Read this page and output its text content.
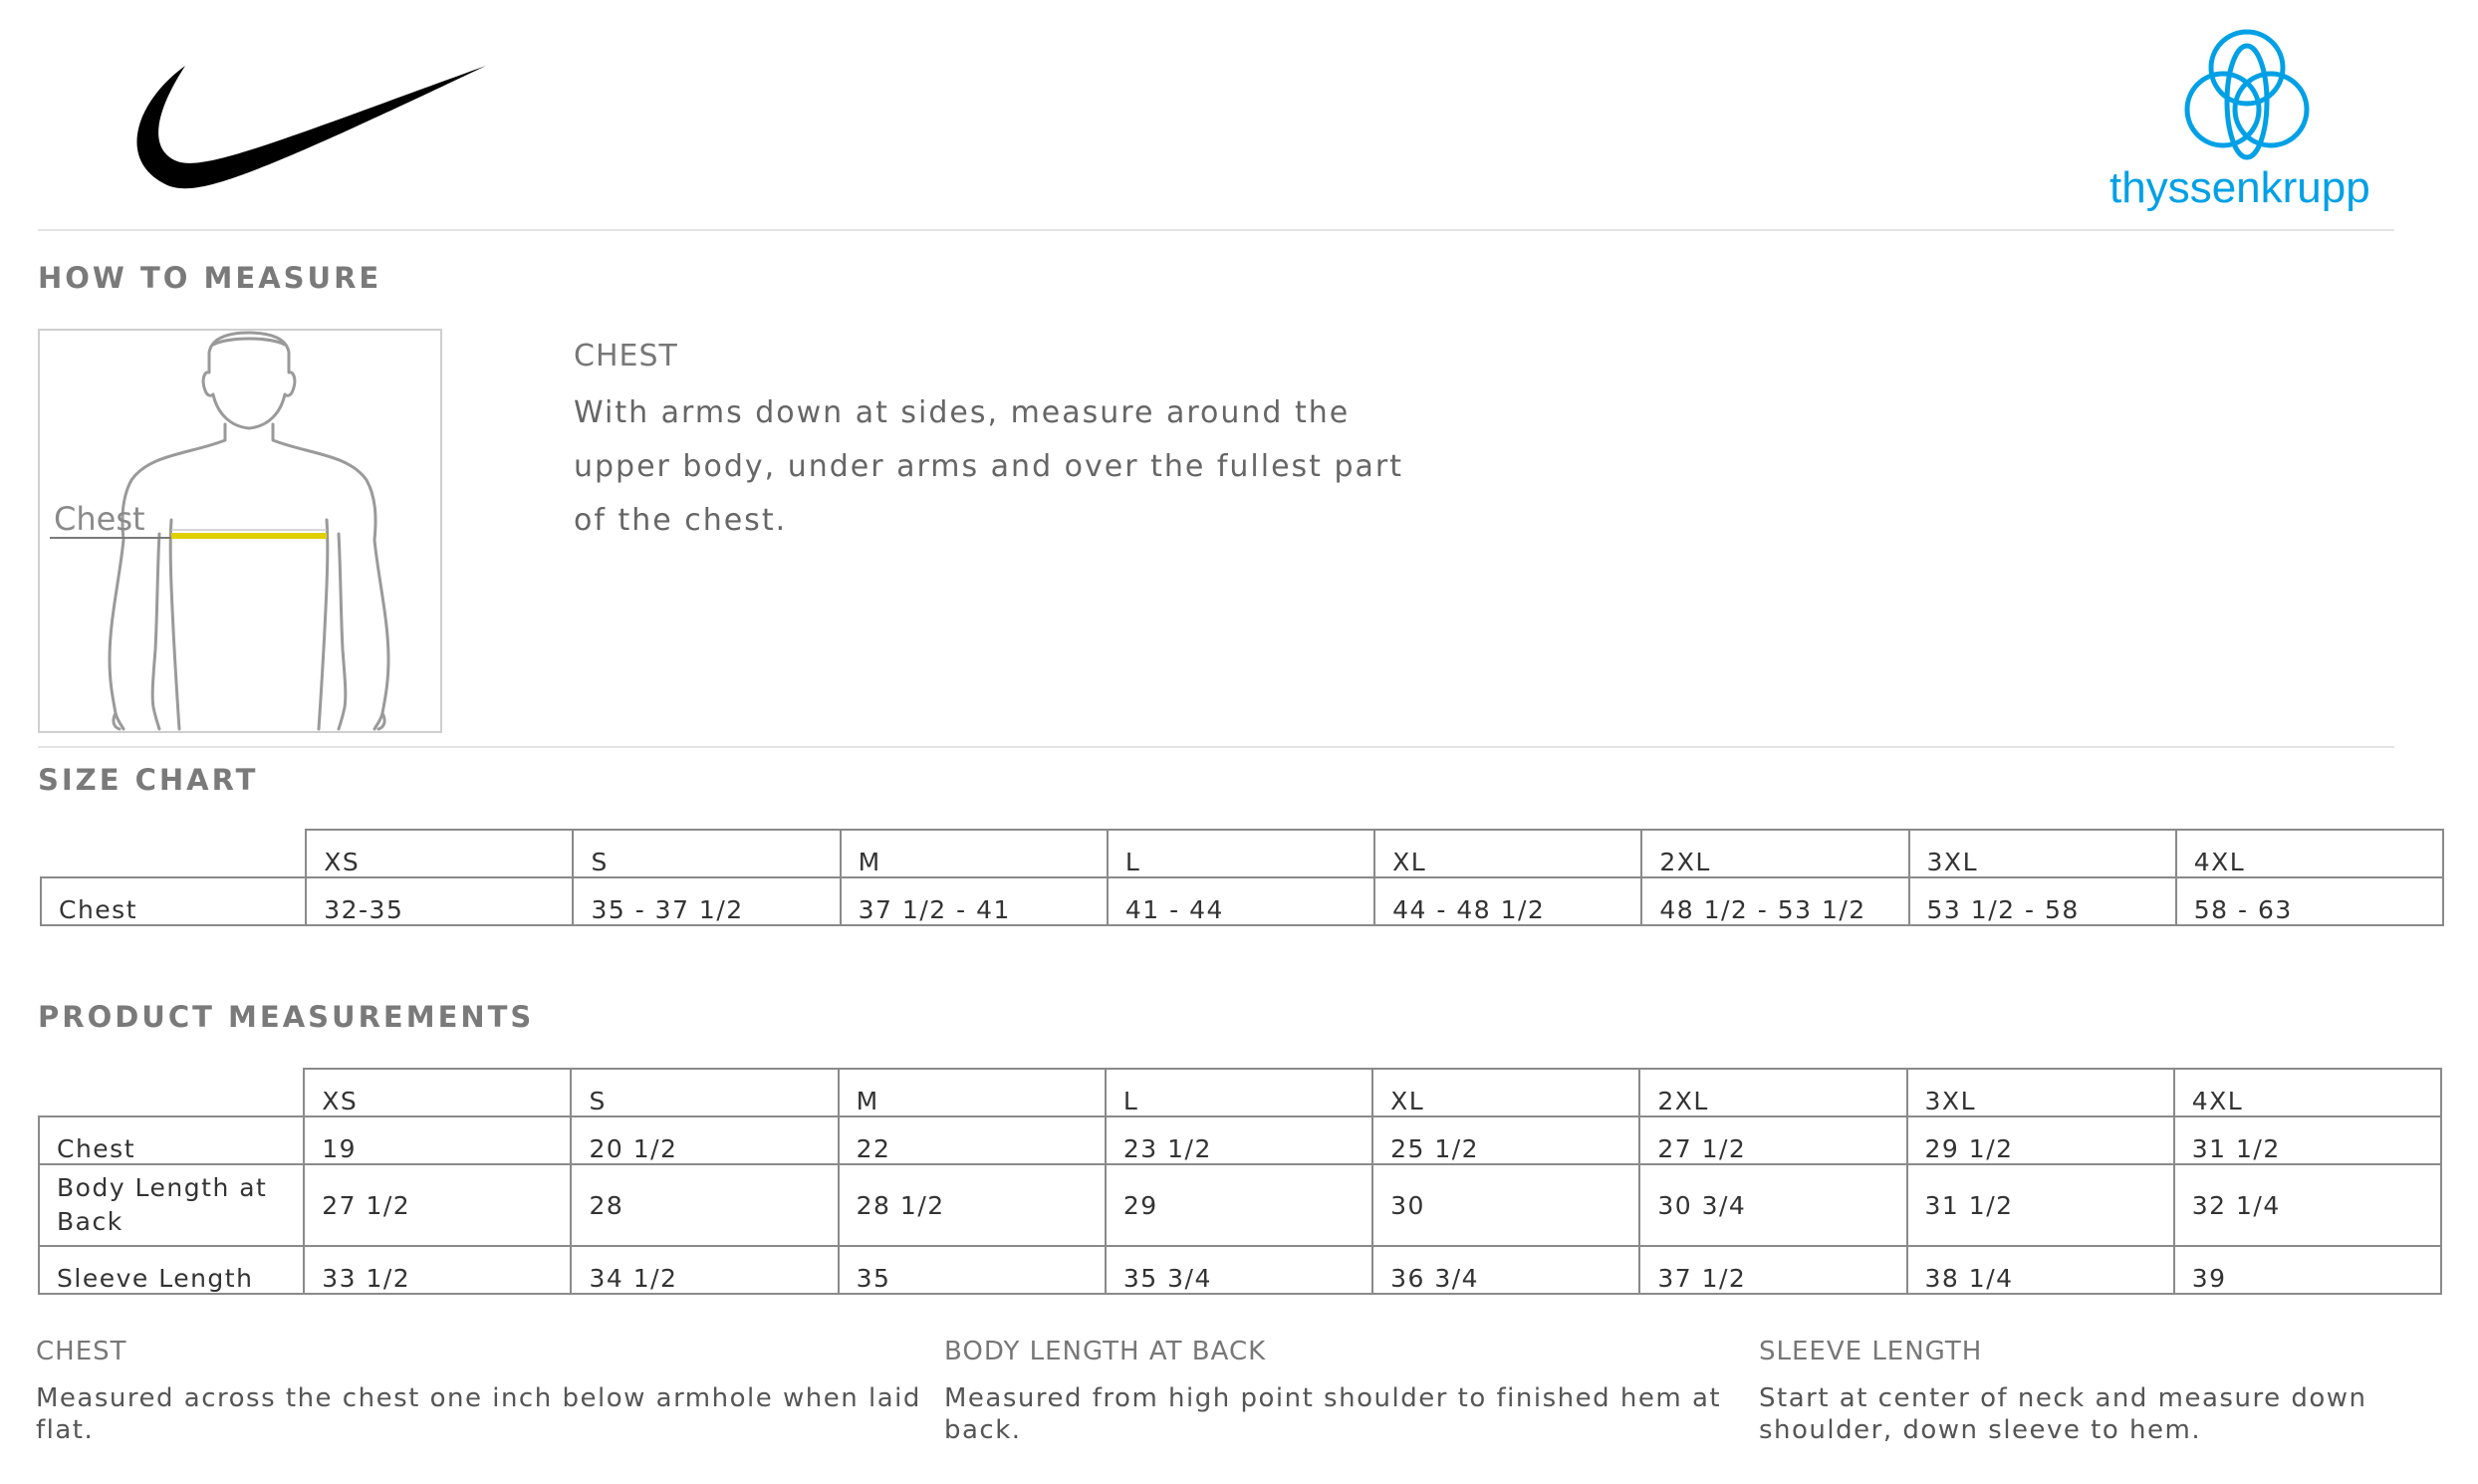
thyssenkrupp
HOW TO MEASURE
Chest
CHEST
With arms down at sides, measure around the upper body, under arms and over the fullest part of the chest.
SIZE CHART
	XS	S	M	L	XL	2XL	3XL	4XL
Chest	32-35	35 - 37 1/2	37 1/2 - 41	41 - 44	44 - 48 1/2	48 1/2 - 53 1/2	53 1/2 - 58	58 - 63
PRODUCT MEASUREMENTS
	XS	S	M	L	XL	2XL	3XL	4XL
Chest	19	20 1/2	22	23 1/2	25 1/2	27 1/2	29 1/2	31 1/2
Body Length at Back	27 1/2	28	28 1/2	29	30	30 3/4	31 1/2	32 1/4
Sleeve Length	33 1/2	34 1/2	35	35 3/4	36 3/4	37 1/2	38 1/4	39
CHEST
Measured across the chest one inch below armhole when laid flat.
BODY LENGTH AT BACK
Measured from high point shoulder to finished hem at back.
SLEEVE LENGTH
Start at center of neck and measure down shoulder, down sleeve to hem.
